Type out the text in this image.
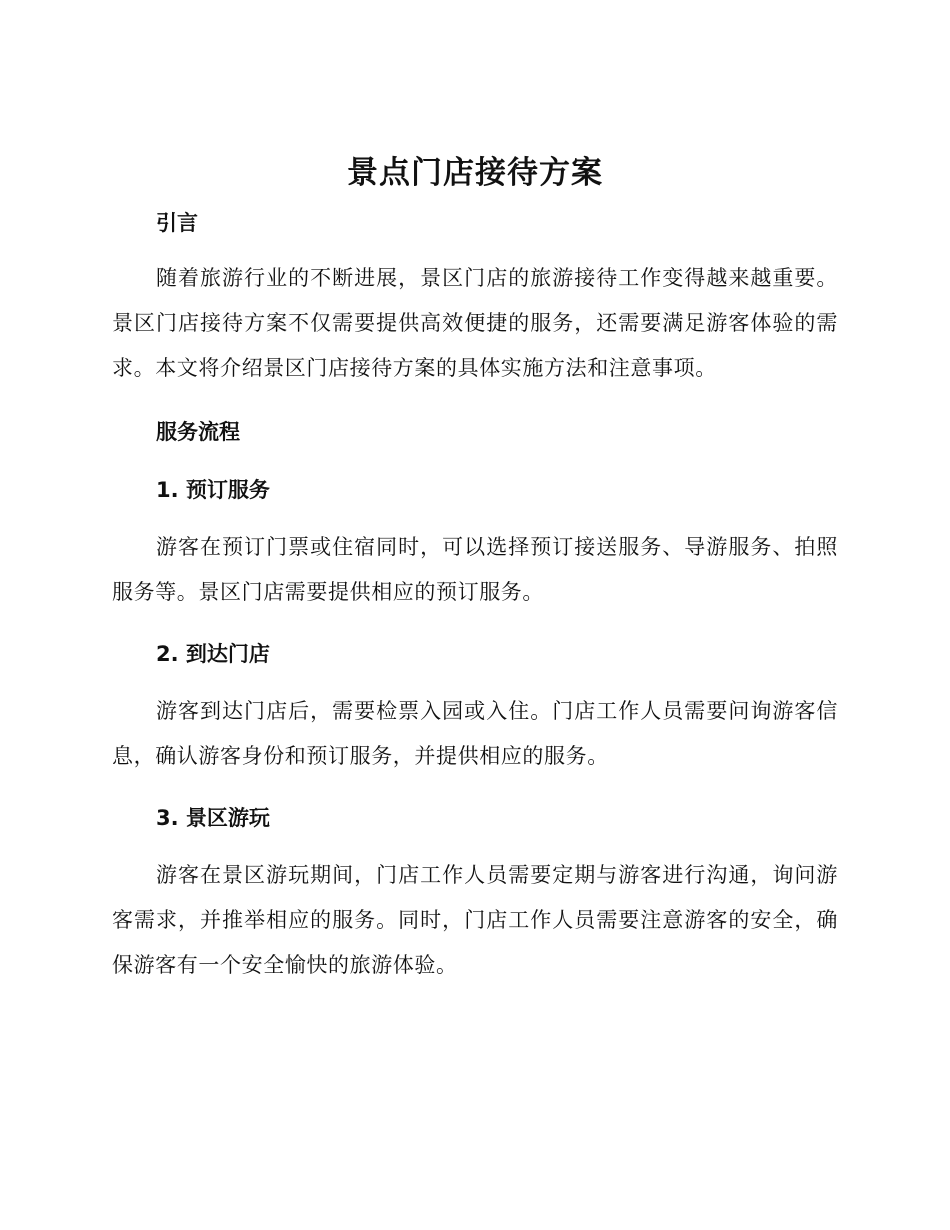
景点门店接待方案
引言

随着旅游行业的不断进展，景区门店的旅游接待工作变得越来越重要。景区门店接待方案不仅需要提供高效便捷的服务，还需要满足游客体验的需求。本文将介绍景区门店接待方案的具体实施方法和注意事项。

服务流程
1. 预订服务

游客在预订门票或住宿同时，可以选择预订接送服务、导游服务、拍照服务等。景区门店需要提供相应的预订服务。

2. 到达门店

游客到达门店后，需要检票入园或入住。门店工作人员需要问询游客信息，确认游客身份和预订服务，并提供相应的服务。

3. 景区游玩

游客在景区游玩期间，门店工作人员需要定期与游客进行沟通，询问游客需求，并推举相应的服务。同时，门店工作人员需要注意游客的安全，确保游客有一个安全愉快的旅游体验。
